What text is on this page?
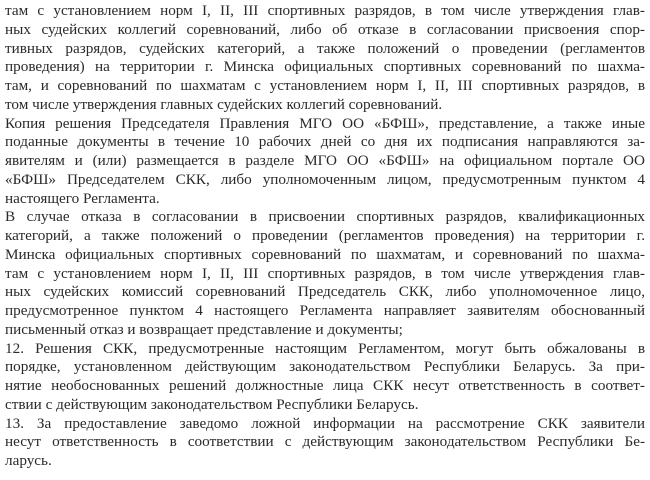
там с установлением норм I, II, III спортивных разрядов, в том числе утверждения глав-
ных судейских коллегий соревнований, либо об отказе в согласовании присвоения спор-
тивных разрядов, судейских категорий, а также положений о проведении (регламентов
проведения) на территории г. Минска официальных спортивных соревнований по шахма-
там, и соревнований по шахматам с установлением норм I, II, III спортивных разрядов, в
том числе утверждения главных судейских коллегий соревнований.
Копия решения Председателя Правления МГО ОО «БФШ», представление, а также иные
поданные документы в течение 10 рабочих дней со дня их подписания направляются за-
явителям и (или) размещается в разделе МГО ОО «БФШ» на официальном портале ОО
«БФШ» Председателем СКК, либо уполномоченным лицом, предусмотренным пунктом 4
настоящего Регламента.
В случае отказа в согласовании в присвоении спортивных разрядов, квалификационных
категорий, а также положений о проведении (регламентов проведения) на территории г.
Минска официальных спортивных соревнований по шахматам, и соревнований по шахма-
там с установлением норм I, II, III спортивных разрядов, в том числе утверждения глав-
ных судейских комиссий соревнований Председатель СКК, либо уполномоченное лицо,
предусмотренное пунктом 4 настоящего Регламента направляет заявителям обоснованный
письменный отказ и возвращает представление и документы;
12. Решения СКК, предусмотренные настоящим Регламентом, могут быть обжалованы в
порядке, установленном действующим законодательством Республики Беларусь. За при-
нятие необоснованных решений должностные лица СКК несут ответственность в соответ-
ствии с действующим законодательством Республики Беларусь.
13. За предоставление заведомо ложной информации на рассмотрение СКК заявители
несут ответственность в соответствии с действующим законодательством Республики Бе-
ларусь.
